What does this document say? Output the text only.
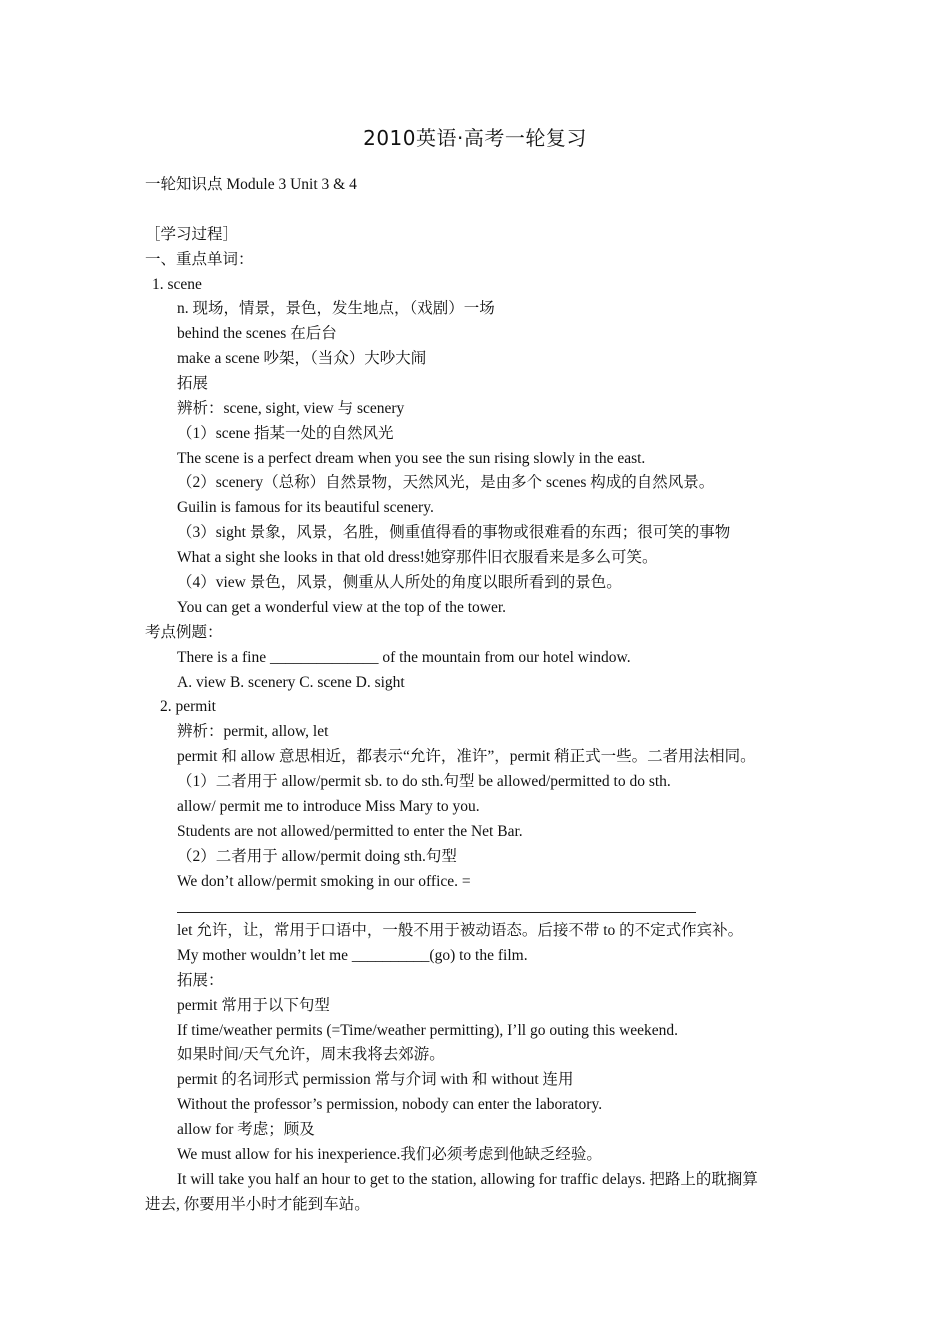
2010英语·高考一轮复习
一轮知识点 Module 3 Unit 3 & 4
［学习过程］
一、重点单词：
1. scene
n. 现场，情景，景色，发生地点，（戏剧）一场
behind the scenes 在后台
make a scene 吵架，（当众）大吵大闹
拓展
辨析：scene, sight, view 与 scenery
（1）scene 指某一处的自然风光
The scene is a perfect dream when you see the sun rising slowly in the east.
（2）scenery（总称）自然景物，天然风光，是由多个 scenes 构成的自然风景。
Guilin is famous for its beautiful scenery.
（3）sight 景象，风景，名胜，侧重值得看的事物或很难看的东西；很可笑的事物
What a sight she looks in that old dress!她穿那件旧衣服看来是多么可笑。
（4）view 景色，风景，侧重从人所处的角度以眼所看到的景色。
You can get a wonderful view at the top of the tower.
考点例题：
There is a fine ______________ of the mountain from our hotel window.
A. view B. scenery C. scene D. sight
2. permit
辨析：permit, allow, let
permit 和 allow 意思相近，都表示“允许，准许”，permit 稍正式一些。二者用法相同。
（1）二者用于 allow/permit sb. to do sth.句型 be allowed/permitted to do sth.
allow/ permit me to introduce Miss Mary to you.
Students are not allowed/permitted to enter the Net Bar.
（2）二者用于 allow/permit doing sth.句型
We don’t allow/permit smoking in our office. =
let 允许，让，常用于口语中，一般不用于被动语态。后接不带 to 的不定式作宾补。
My mother wouldn’t let me __________(go) to the film.
拓展：
permit 常用于以下句型
If time/weather permits (=Time/weather permitting), I’ll go outing this weekend.
如果时间/天气允许，周末我将去郊游。
permit 的名词形式 permission 常与介词 with 和 without 连用
Without the professor’s permission, nobody can enter the laboratory.
allow for 考虑；顾及
We must allow for his inexperience.我们必须考虑到他缺乏经验。
It will take you half an hour to get to the station, allowing for traffic delays. 把路上的耽搁算
进去, 你要用半小时才能到车站。
